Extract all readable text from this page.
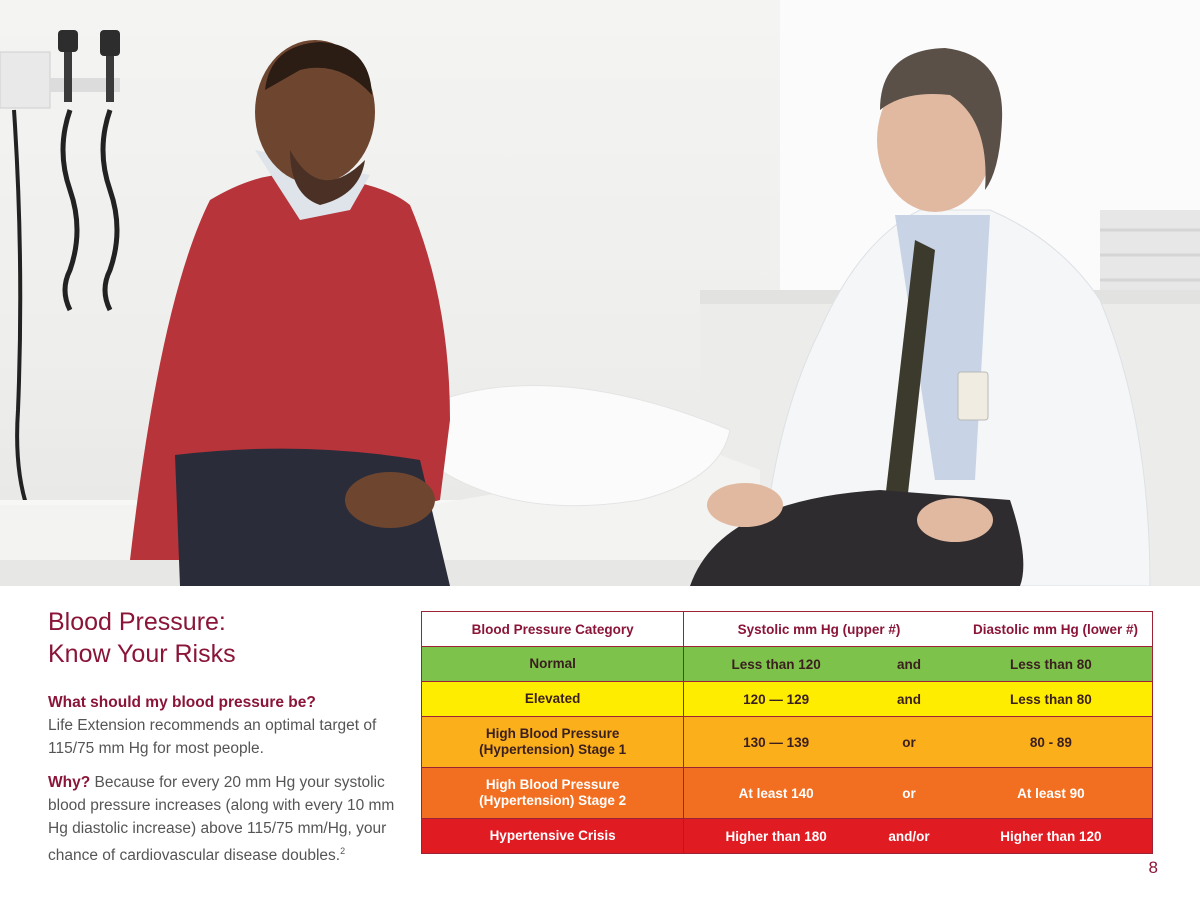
Blood Pressure:
Know Your Risks

What should my blood pressure be?
Life Extension recommends an optimal target of 115/75 mm Hg for most people.

Why? Because for every 20 mm Hg your systolic blood pressure increases (along with every 10 mm Hg diastolic increase) above 115/75 mm/Hg, your chance of cardiovascular disease doubles.$^2$

Blood Pressure Category	Systolic mm Hg (upper #)		Diastolic mm Hg (lower #)

Normal	Less than 120	and	Less than 80

Elevated	120 — 129	and	Less than 80

High Blood Pressure
(Hypertension) Stage 1	130 — 139	or	80 - 89

High Blood Pressure
(Hypertension) Stage 2	At least 140	or	At least 90

Hypertensive Crisis	Higher than 180	and/or	Higher than 120
8
